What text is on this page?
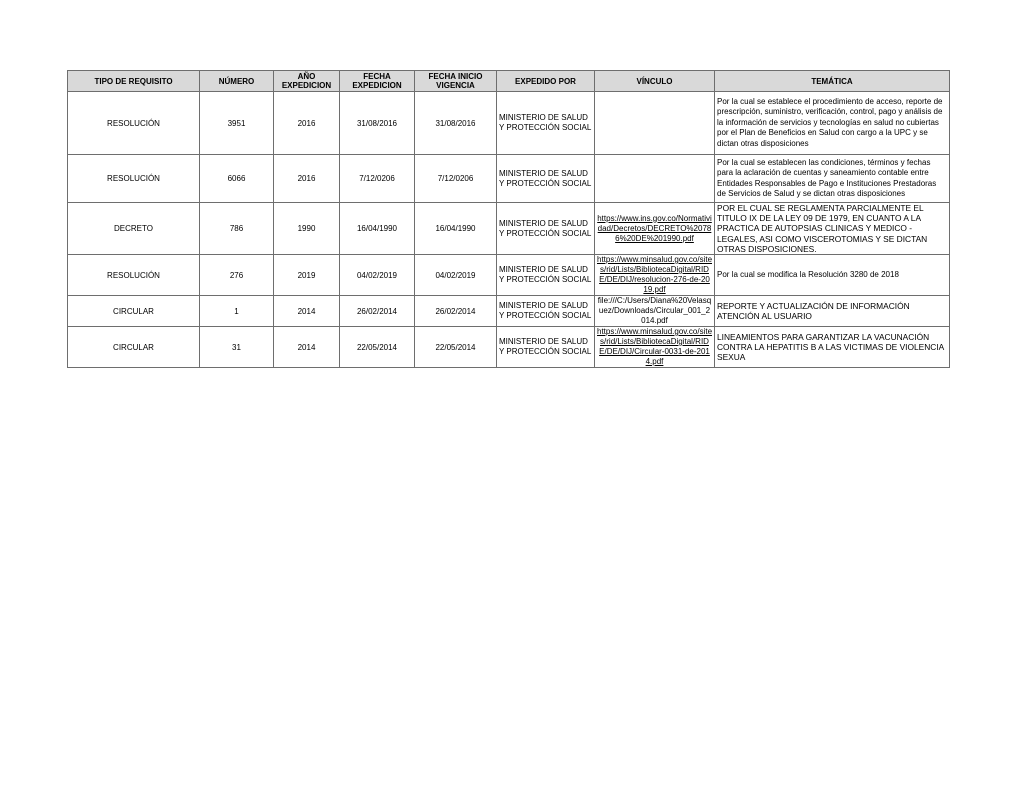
TIPO DE REQUISITO	NÚMERO	AÑO EXPEDICION	FECHA EXPEDICION	FECHA INICIO VIGENCIA	EXPEDIDO POR	VÍNCULO	TEMÁTICA
RESOLUCIÓN	3951	2016	31/08/2016	31/08/2016	MINISTERIO DE SALUD Y PROTECCIÓN SOCIAL		Por la cual se establece el procedimiento de acceso, reporte de prescripción, suministro, verificación, control, pago y análisis de la información de servicios y tecnologías en salud no cubiertas por el Plan de Beneficios en Salud con cargo a la UPC y se dictan otras disposiciones
RESOLUCIÓN	6066	2016	7/12/0206	7/12/0206	MINISTERIO DE SALUD Y PROTECCIÓN SOCIAL		Por la cual se establecen las condiciones, términos y fechas para la aclaración de cuentas y saneamiento contable entre Entidades Responsables de Pago e Instituciones Prestadoras de Servicios de Salud y se dictan otras disposiciones
DECRETO	786	1990	16/04/1990	16/04/1990	MINISTERIO DE SALUD Y PROTECCIÓN SOCIAL	https://www.ins.gov.co/Normatividad/Decretos/DECRETO%20786%20DE%201990.pdf	POR EL CUAL SE REGLAMENTA PARCIALMENTE EL TITULO IX DE LA LEY 09 DE 1979, EN CUANTO A LA PRACTICA DE AUTOPSIAS CLINICAS Y MEDICO - LEGALES, ASI COMO VISCEROTOMIAS Y SE DICTAN OTRAS DISPOSICIONES.
RESOLUCIÓN	276	2019	04/02/2019	04/02/2019	MINISTERIO DE SALUD Y PROTECCIÓN SOCIAL	https://www.minsalud.gov.co/sites/rid/Lists/BibliotecaDigital/RIDE/DE/DIJ/resolucion-276-de-2019.pdf	Por la cual se modifica la Resolución 3280 de 2018
CIRCULAR	1	2014	26/02/2014	26/02/2014	MINISTERIO DE SALUD Y PROTECCIÓN SOCIAL	file:///C:/Users/Diana%20Velasquez/Downloads/Circular_001_2014.pdf	REPORTE Y ACTUALIZACIÓN DE INFORMACIÓN ATENCIÓN AL USUARIO
CIRCULAR	31	2014	22/05/2014	22/05/2014	MINISTERIO DE SALUD Y PROTECCIÓN SOCIAL	https://www.minsalud.gov.co/sites/rid/Lists/BibliotecaDigital/RIDE/DE/DIJ/Circular-0031-de-2014.pdf	LINEAMIENTOS PARA GARANTIZAR LA VACUNACIÓN CONTRA LA HEPATITIS B A LAS VICTIMAS DE VIOLENCIA SEXUA
